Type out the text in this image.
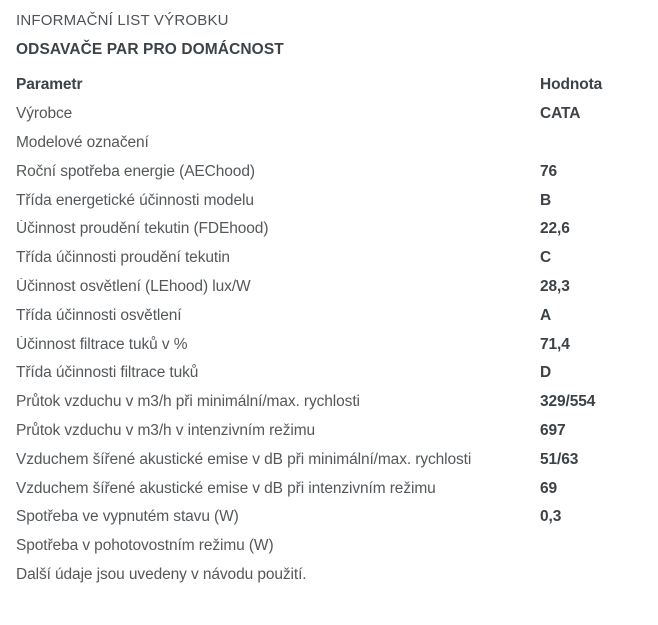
INFORMAČNÍ LIST VÝROBKU
ODSAVAČE PAR PRO DOMÁCNOST
Parametr	Hodnota
Výrobce	CATA
Modelové označení
Roční spotřeba energie (AEChood)	76
Třída energetické účinnosti modelu	B
Účinnost proudění tekutin (FDEhood)	22,6
Třída účinnosti proudění tekutin	C
Účinnost osvětlení (LEhood) lux/W	28,3
Třída účinnosti osvětlení	A
Účinnost filtrace tuků v %	71,4
Třída účinnosti filtrace tuků	D
Průtok vzduchu v m3/h při minimální/max. rychlosti	329/554
Průtok vzduchu v m3/h v intenzivním režimu	697
Vzduchem šířené akustické emise v dB při minimální/max. rychlosti	51/63
Vzduchem šířené akustické emise v dB při intenzivním režimu	69
Spotřeba ve vypnutém stavu (W)	0,3
Spotřeba v pohotovostním režimu (W)
Další údaje jsou uvedeny v návodu použití.
